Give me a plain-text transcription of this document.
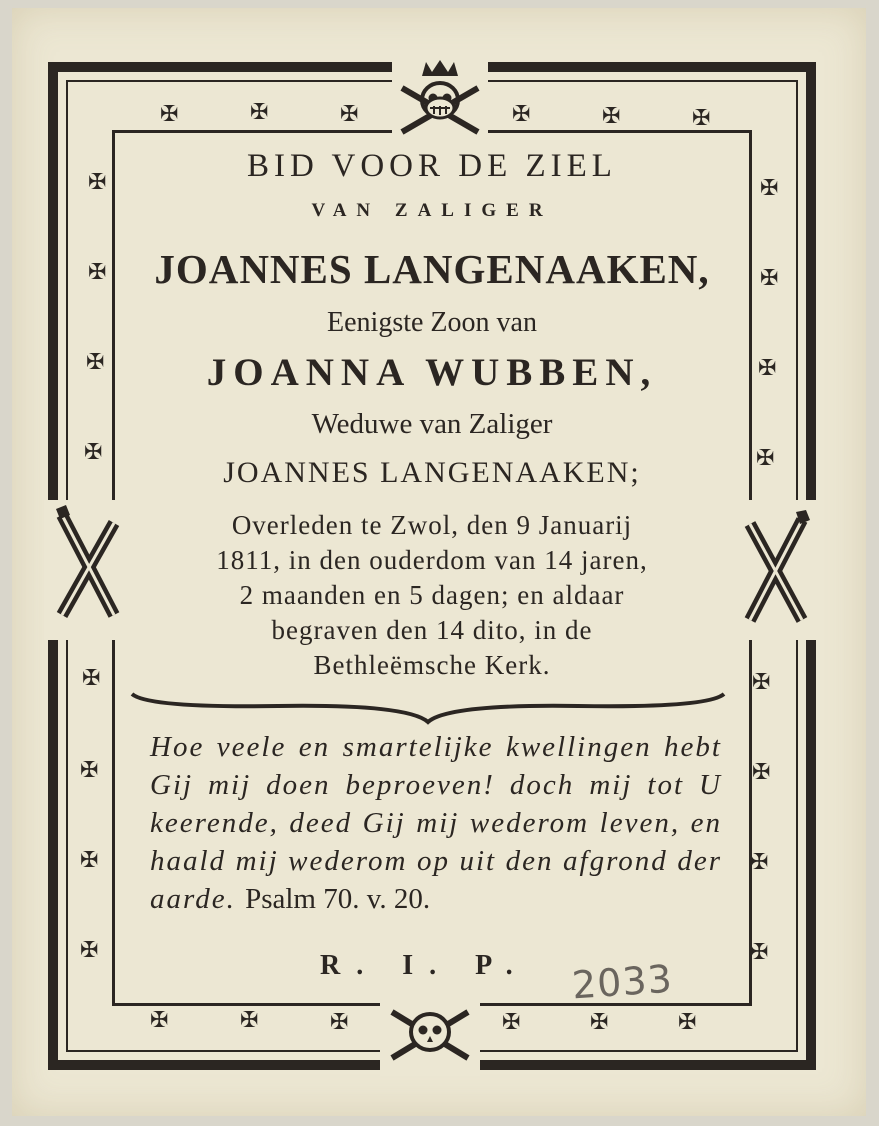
✠	✠	✠	✠	✠	✠
✠	✠	✠	✠	✠	✠
✠
✠
✠
✠
✠
✠
✠
✠
✠
✠
✠
✠
✠
✠
✠
✠
BID VOOR DE ZIEL
VAN ZALIGER
JOANNES LANGENAAKEN,
Eenigste Zoon van
JOANNA WUBBEN,
Weduwe van Zaliger
JOANNES LANGENAAKEN;
Overleden te Zwol, den 9 Januarij
1811, in den ouderdom van 14 jaren,
2 maanden en 5 dagen; en aldaar
begraven den 14 dito, in de
Bethleëmsche Kerk.
Hoe veele en smartelijke kwellingen hebt Gij mij doen beproeven! doch mij tot U keerende, deed Gij mij wederom leven, en haald mij wederom op uit den afgrond der aarde. Psalm 70. v. 20.
R. I. P. 2033
